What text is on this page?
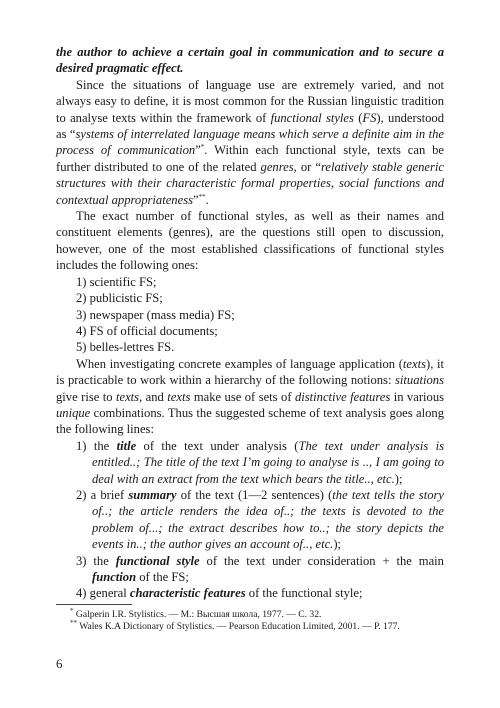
the author to achieve a certain goal in communication and to secure a desired pragmatic effect.

Since the situations of language use are extremely varied, and not always easy to define, it is most common for the Russian linguistic tradition to analyse texts within the framework of functional styles (FS), understood as “systems of interrelated language means which serve a definite aim in the process of communication”*. Within each functional style, texts can be further distributed to one of the related genres, or “relatively stable generic structures with their characteristic formal properties, social functions and contextual appropriateness”**.

The exact number of functional styles, as well as their names and constituent elements (genres), are the questions still open to discussion, however, one of the most established classifications of functional styles includes the following ones:

1) scientific FS;
2) publicistic FS;
3) newspaper (mass media) FS;
4) FS of official documents;
5) belles-lettres FS.

When investigating concrete examples of language application (texts), it is practicable to work within a hierarchy of the following notions: situations give rise to texts, and texts make use of sets of distinctive features in various unique combinations. Thus the suggested scheme of text analysis goes along the following lines:

1) the title of the text under analysis (The text under analysis is entitled..; The title of the text I’m going to analyse is .., I am going to deal with an extract from the text which bears the title.., etc.);
2) a brief summary of the text (1—2 sentences) (the text tells the story of..; the article renders the idea of..; the texts is devoted to the problem of...; the extract describes how to..; the story depicts the events in..; the author gives an account of.., etc.);
3) the functional style of the text under consideration + the main function of the FS;
4) general characteristic features of the functional style;

* Galperin I.R. Stylistics. — М.: Высшая школа, 1977. — С. 32.

** Wales K.A Dictionary of Stylistics. — Pearson Education Limited, 2001. — P. 177.

6
